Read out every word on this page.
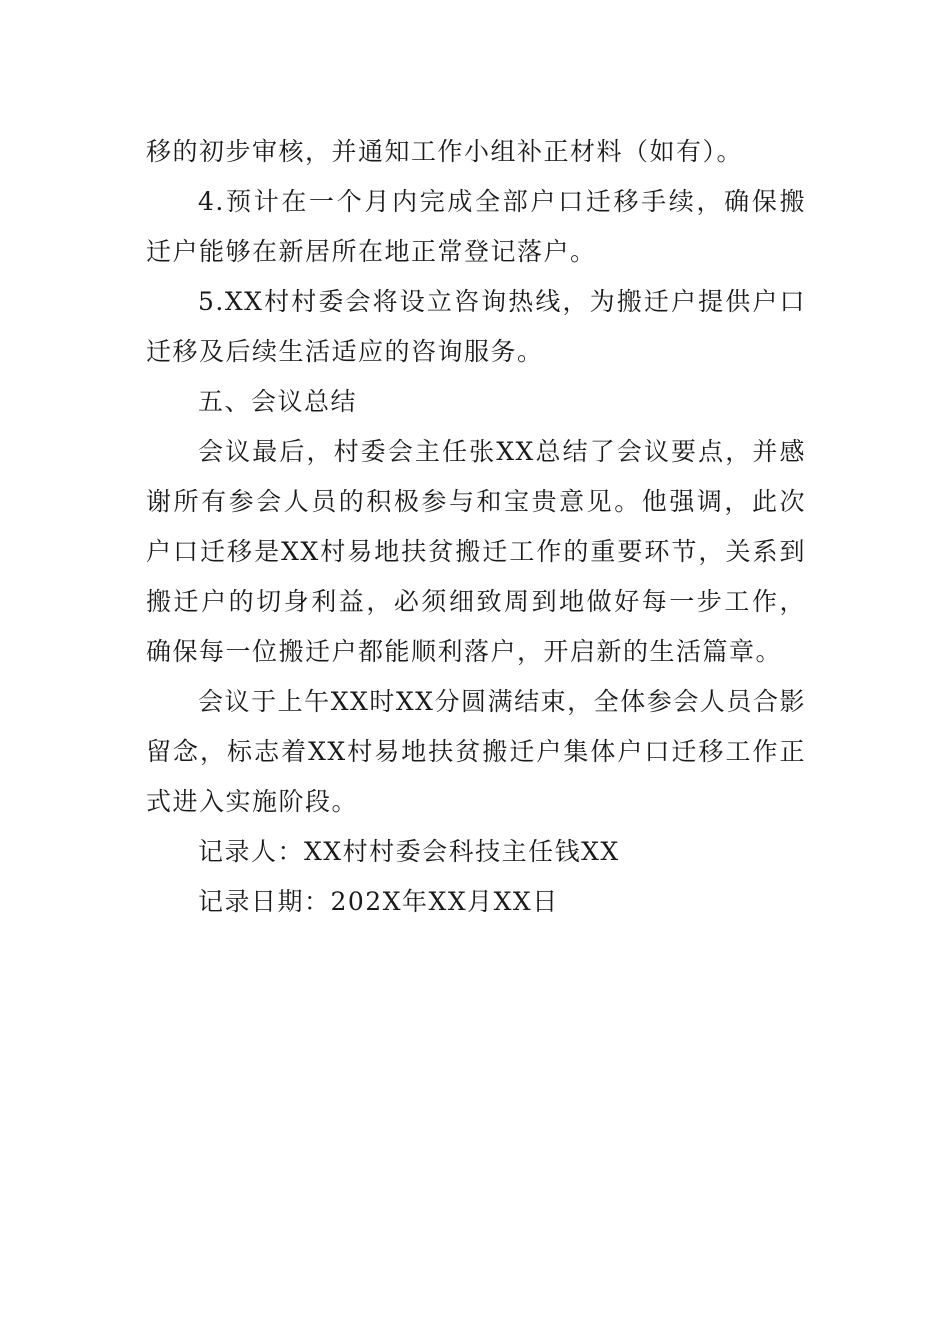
移的初步审核，并通知工作小组补正材料（如有）。

4.预计在一个月内完成全部户口迁移手续，确保搬迁户能够在新居所在地正常登记落户。

5.XX村村委会将设立咨询热线，为搬迁户提供户口迁移及后续生活适应的咨询服务。

五、会议总结

会议最后，村委会主任张XX总结了会议要点，并感谢所有参会人员的积极参与和宝贵意见。他强调，此次户口迁移是XX村易地扶贫搬迁工作的重要环节，关系到搬迁户的切身利益，必须细致周到地做好每一步工作，确保每一位搬迁户都能顺利落户，开启新的生活篇章。

会议于上午XX时XX分圆满结束，全体参会人员合影留念，标志着XX村易地扶贫搬迁户集体户口迁移工作正式进入实施阶段。

记录人：XX村村委会科技主任钱XX

记录日期：202X年XX月XX日
